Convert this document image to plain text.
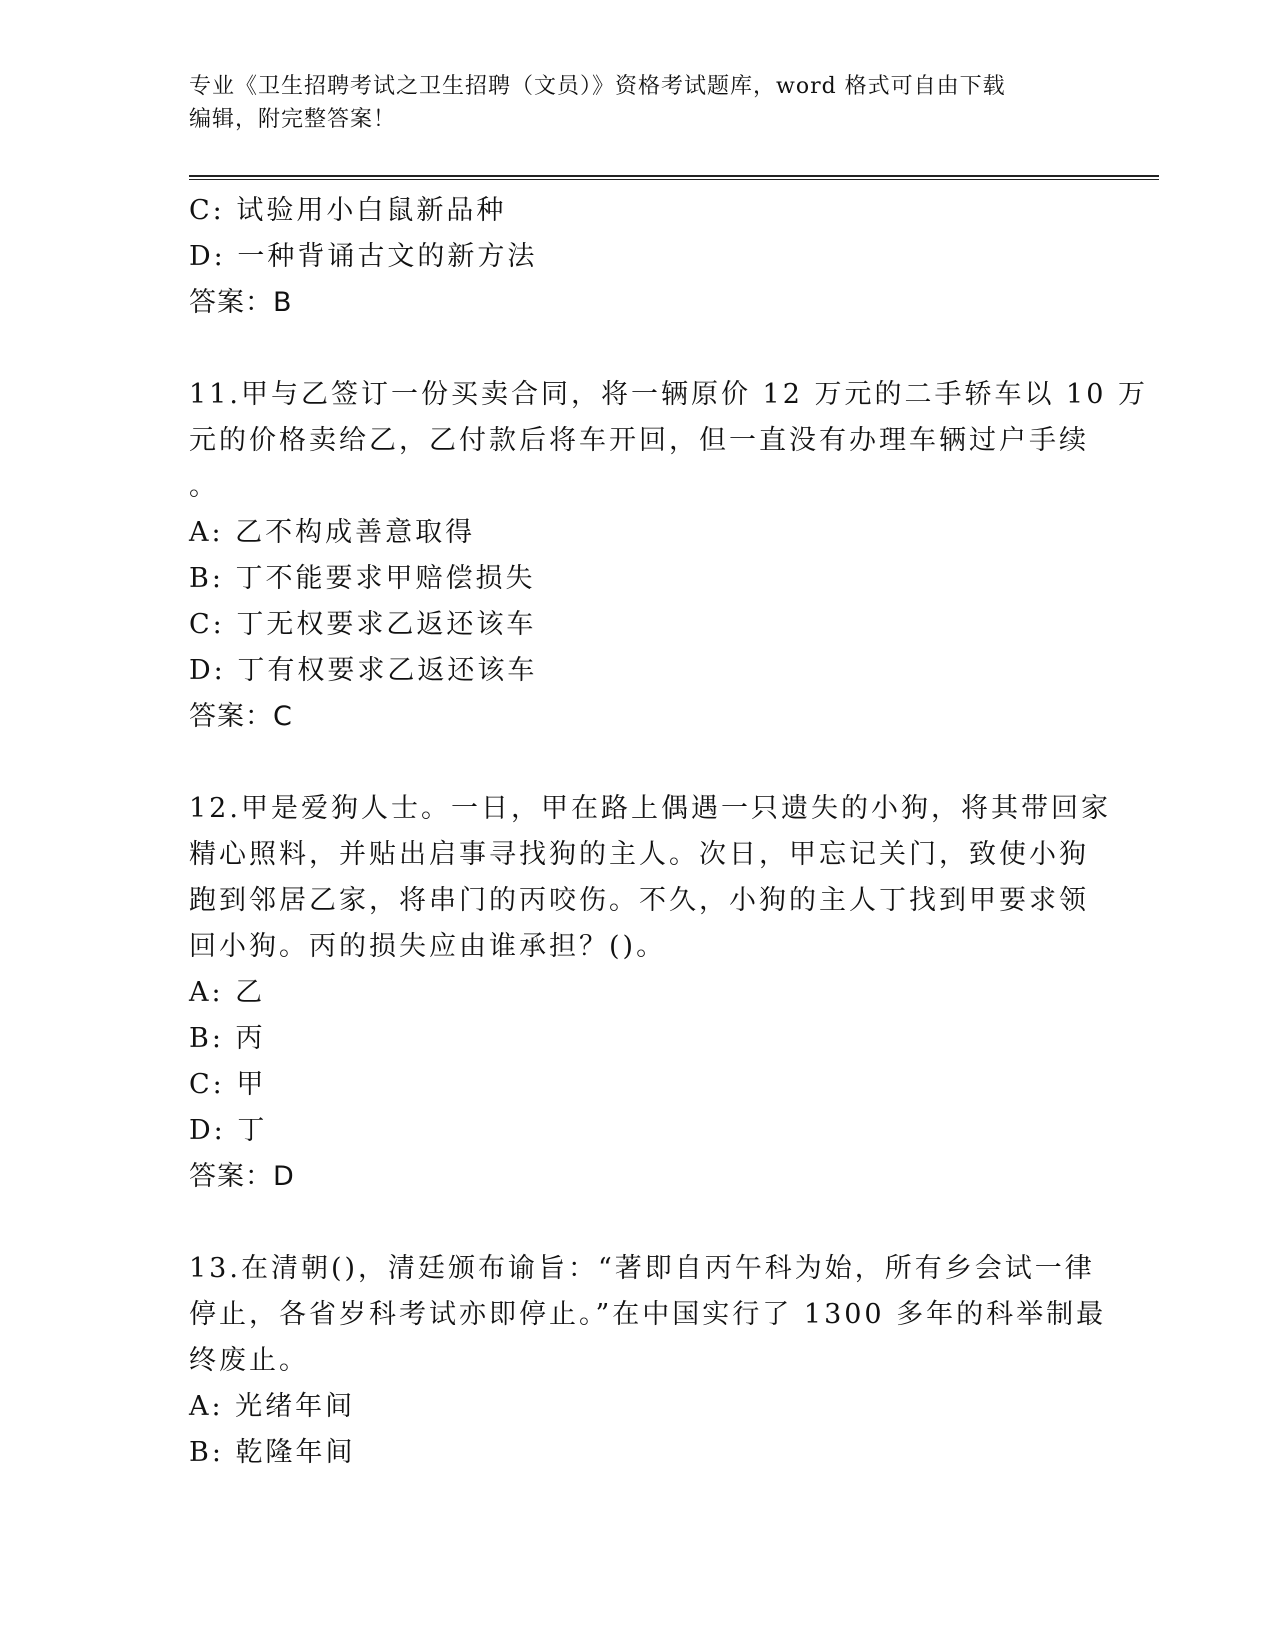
专业《卫生招聘考试之卫生招聘（文员）》资格考试题库，word 格式可自由下载
编辑，附完整答案！
C: 试验用小白鼠新品种
D: 一种背诵古文的新方法
答案：B
11.甲与乙签订一份买卖合同，将一辆原价 12 万元的二手轿车以 10 万
元的价格卖给乙，乙付款后将车开回，但一直没有办理车辆过户手续
。
A: 乙不构成善意取得
B: 丁不能要求甲赔偿损失
C: 丁无权要求乙返还该车
D: 丁有权要求乙返还该车
答案：C
12.甲是爱狗人士。一日，甲在路上偶遇一只遗失的小狗，将其带回家
精心照料，并贴出启事寻找狗的主人。次日，甲忘记关门，致使小狗
跑到邻居乙家，将串门的丙咬伤。不久，小狗的主人丁找到甲要求领
回小狗。丙的损失应由谁承担？()。
A: 乙
B: 丙
C: 甲
D: 丁
答案：D
13.在清朝()，清廷颁布谕旨：“著即自丙午科为始，所有乡会试一律
停止，各省岁科考试亦即停止。”在中国实行了 1300 多年的科举制最
终废止。
A: 光绪年间
B: 乾隆年间
